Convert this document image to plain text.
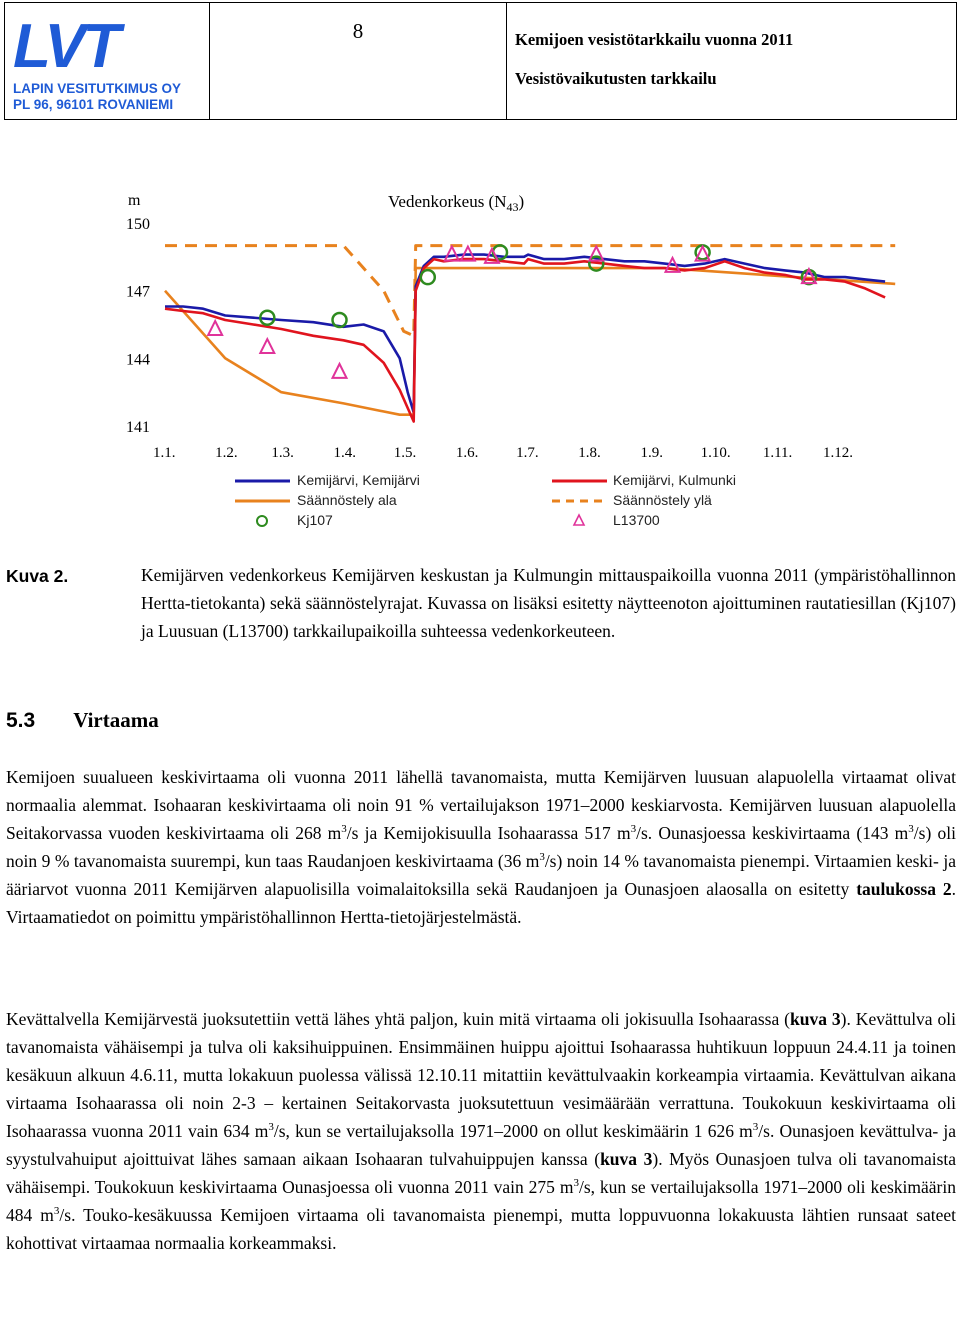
LVT
LAPIN VESITUTKIMUS OY
PL 96, 96101 ROVANIEMI
	8	Kemijoen vesistötarkkailu vuonna 2011
Vesistövaikutusten tarkkailu
m	Vedenkorkeus $(N_{43})$
150
147
144
141
1.1.	1.2. 1.3.	1.4.	1.5.	1.6.	1.7.	1.8.	1.9.	1.10. 1.11. 1.12.
Kemijärvi, Kemijärvi	Kemijärvi, Kulmunki
Säännöstely ala	Säännöstely ylä
Kj107	L13700
Kuva 2.	Kemijärven vedenkorkeus Kemijärven keskustan ja Kulmungin mittauspaikoilla vuonna 2011 (ympäristöhallinnon Hertta-tietokanta) sekä säännöstelyrajat. Kuvassa on lisäksi esitetty näytteenoton ajoittuminen rautatiesillan (Kj107) ja Luusuan (L13700) tarkkailupaikoilla suhteessa vedenkorkeuteen.
5.3 Virtaama
Kemijoen suualueen keskivirtaama oli vuonna 2011 lähellä tavanomaista, mutta Kemijärven luusuan alapuolella virtaamat olivat normaalia alemmat. Isohaaran keskivirtaama oli noin 91 % vertailujakson 1971–2000 keskiarvosta. Kemijärven luusuan alapuolella Seitakorvassa vuoden keskivirtaama oli 268 $m^3/s$ ja Kemijokisuulla Isohaarassa 517 $m^3/s$. Ounasjoessa keskivirtaama (143 $m^3/s$) oli noin 9 % tavanomaista suurempi, kun taas Raudanjoen keskivirtaama (36 $m^3/s$) noin 14 % tavanomaista pienempi. Virtaamien keski- ja ääriarvot vuonna 2011 Kemijärven alapuolisilla voimalaitoksilla sekä Raudanjoen ja Ounasjoen alaosalla on esitetty taulukossa 2. Virtaamatiedot on poimittu ympäristöhallinnon Hertta-tietojärjestelmästä.
Kevättalvella Kemijärvestä juoksutettiin vettä lähes yhtä paljon, kuin mitä virtaama oli jokisuulla Isohaarassa (kuva 3). Kevättulva oli tavanomaista vähäisempi ja tulva oli kaksihuippuinen. Ensimmäinen huippu ajoittui Isohaarassa huhtikuun loppuun 24.4.11 ja toinen kesäkuun alkuun 4.6.11, mutta lokakuun puolessa välissä 12.10.11 mitattiin kevättulvaakin korkeampia virtaamia. Kevättulvan aikana virtaama Isohaarassa oli noin 2-3 – kertainen Seitakorvasta juoksutettuun vesimäärään verrattuna. Toukokuun keskivirtaama oli Isohaarassa vuonna 2011 vain 634 $m^3/s$, kun se vertailujaksolla 1971–2000 on ollut keskimäärin 1 626 $m^3/s$. Ounasjoen kevättulva- ja syystulvahuiput ajoittuivat lähes samaan aikaan Isohaaran tulvahuippujen kanssa (kuva 3). Myös Ounasjoen tulva oli tavanomaista vähäisempi. Toukokuun keskivirtaama Ounasjoessa oli vuonna 2011 vain 275 $m^3/s$, kun se vertailujaksolla 1971–2000 oli keskimäärin 484 $m^3/s$. Touko-kesäkuussa Kemijoen virtaama oli tavanomaista pienempi, mutta loppuvuonna lokakuusta lähtien runsaat sateet kohottivat virtaamaa normaalia korkeammaksi.
